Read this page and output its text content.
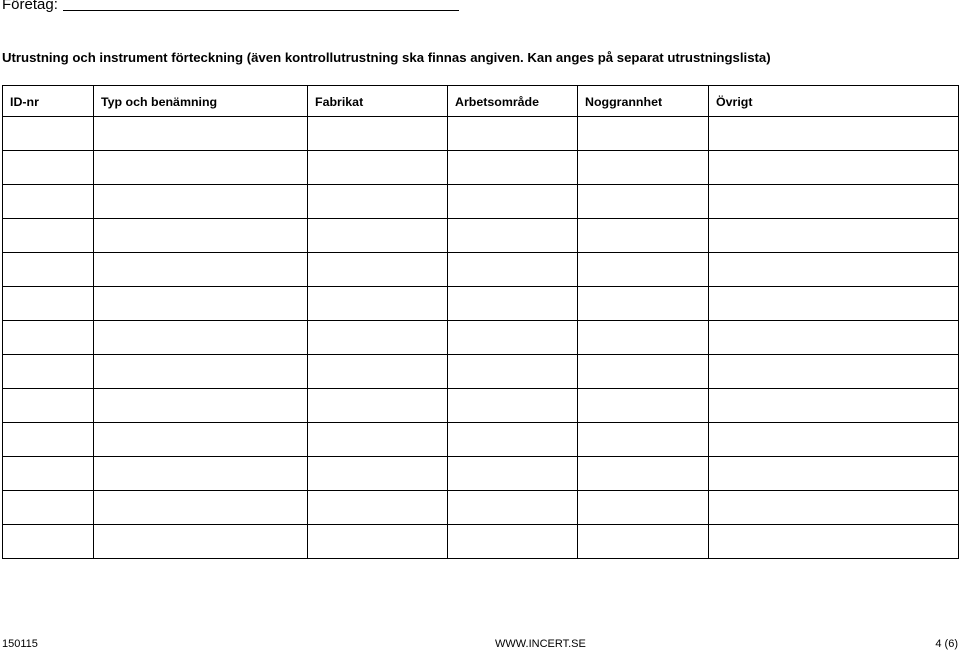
Företag:
Utrustning och instrument förteckning (även kontrollutrustning ska finnas angiven. Kan anges på separat utrustningslista)
ID-nr	Typ och benämning	Fabrikat	Arbetsområde	Noggrannhet	Övrigt

150115	WWW.INCERT.SE	4 (6)
